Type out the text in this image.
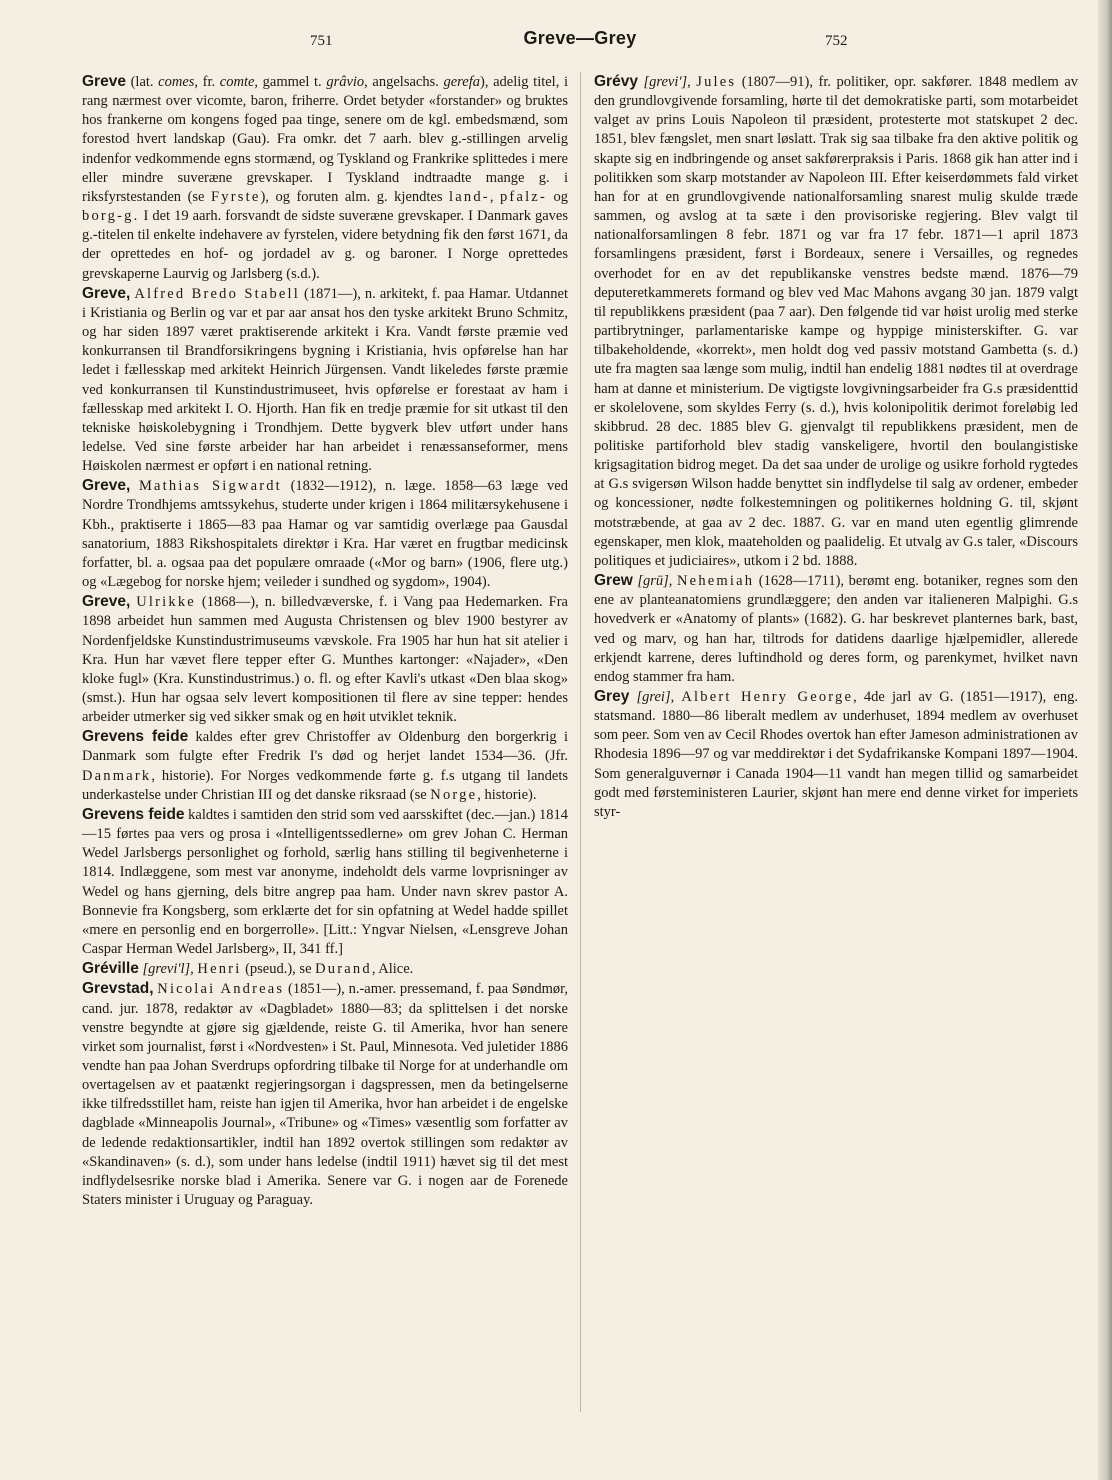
751	Greve—Grey	752

Greve (lat. comes, fr. comte, gammel t. grâvio, angelsachs. gerefa), adelig titel, i rang nærmest over vicomte, baron, friherre. Ordet betyder «forstander» og bruktes hos frankerne om kongens foged paa tinge, senere om de kgl. embedsmænd, som forestod hvert landskap (Gau). Fra omkr. det 7 aarh. blev g.-stillingen arvelig indenfor vedkommende egns stormænd, og Tyskland og Frankrike splittedes i mere eller mindre suveræne grevskaper. I Tyskland indtraadte mange g. i riksfyrstestanden (se Fyrste), og foruten alm. g. kjendtes land-, pfalz- og borg-g. I det 19 aarh. forsvandt de sidste suveræne grevskaper. I Danmark gaves g.-titelen til enkelte indehavere av fyrstelen, videre betydning fik den først 1671, da der oprettedes en hof- og jordadel av g. og baroner. I Norge oprettedes grevskaperne Laurvig og Jarlsberg (s.d.).

Greve, Alfred Bredo Stabell (1871—), n. arkitekt, f. paa Hamar. Utdannet i Kristiania og Berlin og var et par aar ansat hos den tyske arkitekt Bruno Schmitz, og har siden 1897 været praktiserende arkitekt i Kra. Vandt første præmie ved konkurransen til Brandforsikringens bygning i Kristiania, hvis opførelse han har ledet i fællesskap med arkitekt Heinrich Jürgensen. Vandt likeledes første præmie ved konkurransen til Kunstindustrimuseet, hvis opførelse er forestaat av ham i fællesskap med arkitekt I. O. Hjorth. Han fik en tredje præmie for sit utkast til den tekniske høiskolebygning i Trondhjem. Dette bygverk blev utført under hans ledelse. Ved sine første arbeider har han arbeidet i renæssanseformer, mens Høiskolen nærmest er opført i en national retning.

Greve, Mathias Sigwardt (1832—1912), n. læge. 1858—63 læge ved Nordre Trondhjems amtssykehus, studerte under krigen i 1864 militærsykehusene i Kbh., praktiserte i 1865—83 paa Hamar og var samtidig overlæge paa Gausdal sanatorium, 1883 Rikshospitalets direktør i Kra. Har været en frugtbar medicinsk forfatter, bl. a. ogsaa paa det populære omraade («Mor og barn» (1906, flere utg.) og «Lægebog for norske hjem; veileder i sundhed og sygdom», 1904).

Greve, Ulrikke (1868—), n. billedvæverske, f. i Vang paa Hedemarken. Fra 1898 arbeidet hun sammen med Augusta Christensen og blev 1900 bestyrer av Nordenfjeldske Kunstindustrimuseums vævskole. Fra 1905 har hun hat sit atelier i Kra. Hun har vævet flere tepper efter G. Munthes kartonger: «Najader», «Den kloke fugl» (Kra. Kunstindustrimus.) o. fl. og efter Kavli's utkast «Den blaa skog» (smst.). Hun har ogsaa selv levert kompositionen til flere av sine tepper: hendes arbeider utmerker sig ved sikker smak og en høit utviklet teknik.

Grevens feide kaldes efter grev Christoffer av Oldenburg den borgerkrig i Danmark som fulgte efter Fredrik I's død og herjet landet 1534—36. (Jfr. Danmark, historie). For Norges vedkommende førte g. f.s utgang til landets underkastelse under Christian III og det danske riksraad (se Norge, historie).

Grevens feide kaldtes i samtiden den strid som ved aarsskiftet (dec.—jan.) 1814—15 førtes paa vers og prosa i «Intelligentssedlerne» om grev Johan C. Herman Wedel Jarlsbergs personlighet og forhold, særlig hans stilling til begivenheterne i 1814. Indlæggene, som mest var anonyme, indeholdt dels varme lovprisninger av Wedel og hans gjerning, dels bitre angrep paa ham. Under navn skrev pastor A. Bonnevie fra Kongsberg, som erklærte det for sin opfatning at Wedel hadde spillet «mere en personlig end en borgerrolle». [Litt.: Yngvar Nielsen, «Lensgreve Johan Caspar Herman Wedel Jarlsberg», II, 341 ff.]

Gréville [grevi'l], Henri (pseud.), se Durand, Alice.

Grevstad, Nicolai Andreas (1851—), n.-amer. pressemand, f. paa Søndmør, cand. jur. 1878, redaktør av «Dagbladet» 1880—83; da splittelsen i det norske venstre begyndte at gjøre sig gjældende, reiste G. til Amerika, hvor han senere virket som journalist, først i «Nordvesten» i St. Paul, Minnesota. Ved juletider 1886 vendte han paa Johan Sverdrups opfordring tilbake til Norge for at underhandle om overtagelsen av et paatænkt regjeringsorgan i dagspressen, men da betingelserne ikke tilfredsstillet ham, reiste han igjen til Amerika, hvor han arbeidet i de engelske dagblade «Minneapolis Journal», «Tribune» og «Times» væsentlig som forfatter av de ledende redaktionsartikler, indtil han 1892 overtok stillingen som redaktør av «Skandinaven» (s. d.), som under hans ledelse (indtil 1911) hævet sig til det mest indflydelsesrike norske blad i Amerika. Senere var G. i nogen aar de Forenede Staters minister i Uruguay og Paraguay.

Grévy [grevi'], Jules (1807—91), fr. politiker, opr. sakfører. 1848 medlem av den grundlovgivende forsamling, hørte til det demokratiske parti, som motarbeidet valget av prins Louis Napoleon til præsident, protesterte mot statskupet 2 dec. 1851, blev fængslet, men snart løslatt. Trak sig saa tilbake fra den aktive politik og skapte sig en indbringende og anset sakførerpraksis i Paris. 1868 gik han atter ind i politikken som skarp motstander av Napoleon III. Efter keiserdømmets fald virket han for at en grundlovgivende nationalforsamling snarest mulig skulde træde sammen, og avslog at ta sæte i den provisoriske regjering. Blev valgt til nationalforsamlingen 8 febr. 1871 og var fra 17 febr. 1871—1 april 1873 forsamlingens præsident, først i Bordeaux, senere i Versailles, og regnedes overhodet for en av det republikanske venstres bedste mænd. 1876—79 deputeretkammerets formand og blev ved Mac Mahons avgang 30 jan. 1879 valgt til republikkens præsident (paa 7 aar). Den følgende tid var høist urolig med sterke partibrytninger, parlamentariske kampe og hyppige ministerskifter. G. var tilbakeholdende, «korrekt», men holdt dog ved passiv motstand Gambetta (s. d.) ute fra magten saa længe som mulig, indtil han endelig 1881 nødtes til at overdrage ham at danne et ministerium. De vigtigste lovgivningsarbeider fra G.s præsidenttid er skolelovene, som skyldes Ferry (s. d.), hvis kolonipolitik derimot foreløbig led skibbrud. 28 dec. 1885 blev G. gjenvalgt til republikkens præsident, men de politiske partiforhold blev stadig vanskeligere, hvortil den boulangistiske krigsagitation bidrog meget. Da det saa under de urolige og usikre forhold rygtedes at G.s svigersøn Wilson hadde benyttet sin indflydelse til salg av ordener, embeder og koncessioner, nødte folkestemningen og politikernes holdning G. til, skjønt motstræbende, at gaa av 2 dec. 1887. G. var en mand uten egentlig glimrende egenskaper, men klok, maateholden og paalidelig. Et utvalg av G.s taler, «Discours politiques et judiciaires», utkom i 2 bd. 1888.

Grew [grū], Nehemiah (1628—1711), berømt eng. botaniker, regnes som den ene av planteanatomiens grundlæggere; den anden var italieneren Malpighi. G.s hovedverk er «Anatomy of plants» (1682). G. har beskrevet planternes bark, bast, ved og marv, og han har, tiltrods for datidens daarlige hjælpemidler, allerede erkjendt karrene, deres luftindhold og deres form, og parenkymet, hvilket navn endog stammer fra ham.

Grey [grei], Albert Henry George, 4de jarl av G. (1851—1917), eng. statsmand. 1880—86 liberalt medlem av underhuset, 1894 medlem av overhuset som peer. Som ven av Cecil Rhodes overtok han efter Jameson administrationen av Rhodesia 1896—97 og var meddirektør i det Sydafrikanske Kompani 1897—1904. Som generalguvernør i Canada 1904—11 vandt han megen tillid og samarbeidet godt med førsteministeren Laurier, skjønt han mere end denne virket for imperiets styr-
